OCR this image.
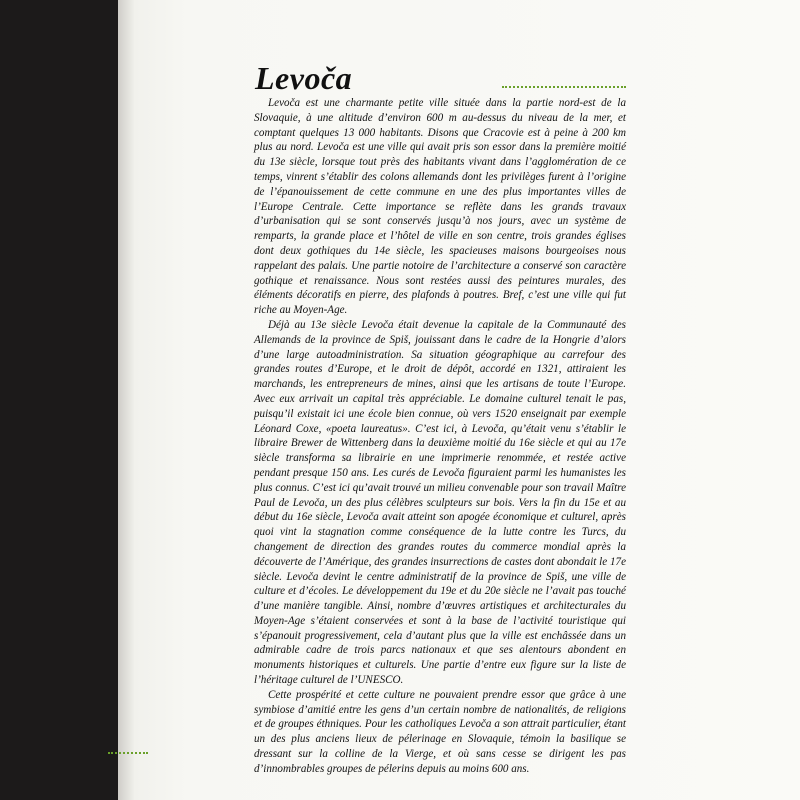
Levoča

Levoča est une charmante petite ville située dans la partie nord-est de la Slovaquie, à une altitude d’environ 600 m au-dessus du niveau de la mer, et comptant quelques 13 000 habitants. Disons que Cracovie est à peine à 200 km plus au nord. Levoča est une ville qui avait pris son essor dans la première moitié du 13e siècle, lorsque tout près des habitants vivant dans l’agglomération de ce temps, vinrent s’établir des colons allemands dont les privilèges furent à l’origine de l’épanouissement de cette commune en une des plus importantes villes de l’Europe Centrale. Cette importance se reflète dans les grands travaux d’urbanisation qui se sont conservés jusqu’à nos jours, avec un système de remparts, la grande place et l’hôtel de ville en son centre, trois grandes églises dont deux gothiques du 14e siècle, les spacieuses maisons bourgeoises nous rappelant des palais. Une partie notoire de l’architecture a conservé son caractère gothique et renaissance. Nous sont restées aussi des peintures murales, des éléments décoratifs en pierre, des plafonds à poutres. Bref, c’est une ville qui fut riche au Moyen-Age.

Déjà au 13e siècle Levoča était devenue la capitale de la Communauté des Allemands de la province de Spiš, jouissant dans le cadre de la Hongrie d’alors d’une large autoadministration. Sa situation géographique au carrefour des grandes routes d’Europe, et le droit de dépôt, accordé en 1321, attiraient les marchands, les entrepreneurs de mines, ainsi que les artisans de toute l’Europe. Avec eux arrivait un capital très appréciable. Le domaine culturel tenait le pas, puisqu’il existait ici une école bien connue, où vers 1520 enseignait par exemple Léonard Coxe, «poeta laureatus». C’est ici, à Levoča, qu’était venu s’établir le libraire Brewer de Wittenberg dans la deuxième moitié du 16e siècle et qui au 17e siècle transforma sa librairie en une imprimerie renommée, et restée active pendant presque 150 ans. Les curés de Levoča figuraient parmi les humanistes les plus connus. C’est ici qu’avait trouvé un milieu convenable pour son travail Maître Paul de Levoča, un des plus célèbres sculpteurs sur bois. Vers la fin du 15e et au début du 16e siècle, Levoča avait atteint son apogée économique et culturel, après quoi vint la stagnation comme conséquence de la lutte contre les Turcs, du changement de direction des grandes routes du commerce mondial après la découverte de l’Amérique, des grandes insurrections de castes dont abondait le 17e siècle. Levoča devint le centre administratif de la province de Spiš, une ville de culture et d’écoles. Le développement du 19e et du 20e siècle ne l’avait pas touché d’une manière tangible. Ainsi, nombre d’œuvres artistiques et architecturales du Moyen-Age s’étaient conservées et sont à la base de l’activité touristique qui s’épanouit progressivement, cela d’autant plus que la ville est enchâssée dans un admirable cadre de trois parcs nationaux et que ses alentours abondent en monuments historiques et culturels. Une partie d’entre eux figure sur la liste de l’héritage culturel de l’UNESCO.

Cette prospérité et cette culture ne pouvaient prendre essor que grâce à une symbiose d’amitié entre les gens d’un certain nombre de nationalités, de religions et de groupes éthniques. Pour les catholiques Levoča a son attrait particulier, étant un des plus anciens lieux de pélerinage en Slovaquie, témoin la basilique se dressant sur la colline de la Vierge, et où sans cesse se dirigent les pas d’innombrables groupes de pélerins depuis au moins 600 ans.
